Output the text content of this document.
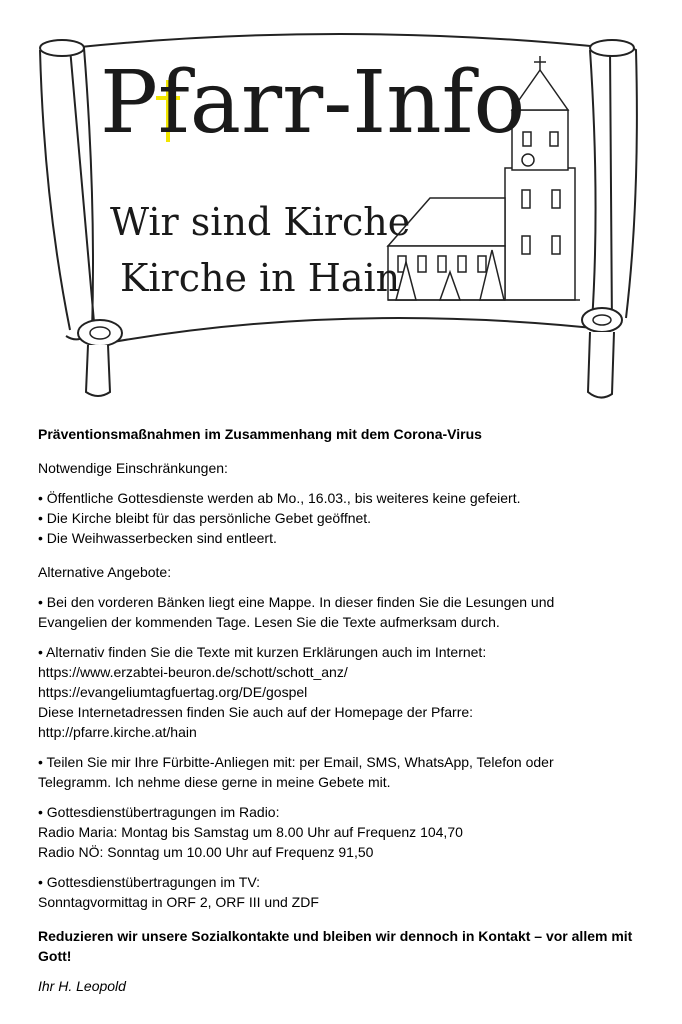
Pfarr-Info
Wir sind Kirche
Kirche in Hain

Präventionsmaßnahmen im Zusammenhang mit dem Corona-Virus

Notwendige Einschränkungen:

• Öffentliche Gottesdienste werden ab Mo., 16.03., bis weiteres keine gefeiert.
• Die Kirche bleibt für das persönliche Gebet geöffnet.
• Die Weihwasserbecken sind entleert.

Alternative Angebote:

• Bei den vorderen Bänken liegt eine Mappe. In dieser finden Sie die Lesungen und
Evangelien der kommenden Tage. Lesen Sie die Texte aufmerksam durch.
• Alternativ finden Sie die Texte mit kurzen Erklärungen auch im Internet:
https://www.erzabtei-beuron.de/schott/schott_anz/
https://evangeliumtagfuertag.org/DE/gospel
Diese Internetadressen finden Sie auch auf der Homepage der Pfarre:
http://pfarre.kirche.at/hain
• Teilen Sie mir Ihre Fürbitte-Anliegen mit: per Email, SMS, WhatsApp, Telefon oder
Telegramm. Ich nehme diese gerne in meine Gebete mit.
• Gottesdienstübertragungen im Radio:
Radio Maria: Montag bis Samstag um 8.00 Uhr auf Frequenz 104,70
Radio NÖ: Sonntag um 10.00 Uhr auf Frequenz 91,50
• Gottesdienstübertragungen im TV:
Sonntagvormittag in ORF 2, ORF III und ZDF
Reduzieren wir unsere Sozialkontakte und bleiben wir dennoch in Kontakt – vor allem mit
Gott!

Ihr H. Leopold
